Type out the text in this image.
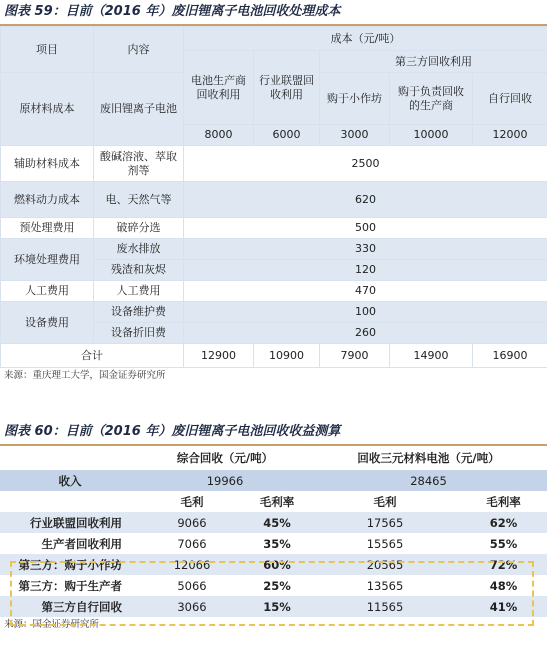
图表 59：目前（2016 年）废旧锂离子电池回收处理成本
项目	内容	成本（元/吨）				
		电池生产商回收利用	行业联盟回收利用	第三方回收利用		
原材料成本	废旧锂离子电池			购于小作坊	购于负责回收的生产商	自行回收
		8000	6000	3000	10000	12000
辅助材料成本	酸碱溶液、萃取剂等	2500				
燃料动力成本	电、天然气等	620				
预处理费用	破碎分选	500				
环境处理费用	废水排放	330				
	残渣和灰烬	120				
人工费用	人工费用	470				
设备费用	设备维护费	100				
	设备折旧费	260				
合计		12900	10900	7900	14900	16900
来源：重庆理工大学，国金证券研究所
图表 60：目前（2016 年）废旧锂离子电池回收收益测算
	综合回收（元/吨）		回收三元材料电池（元/吨）	
收入	19966		28465	
	毛利	毛利率	毛利	毛利率
行业联盟回收利用	9066	45%	17565	62%
生产者回收利用	7066	35%	15565	55%
第三方：购于小作坊	12066	60%	20565	72%
第三方：购于生产者	5066	25%	13565	48%
第三方自行回收	3066	15%	11565	41%
来源：国金证券研究所
